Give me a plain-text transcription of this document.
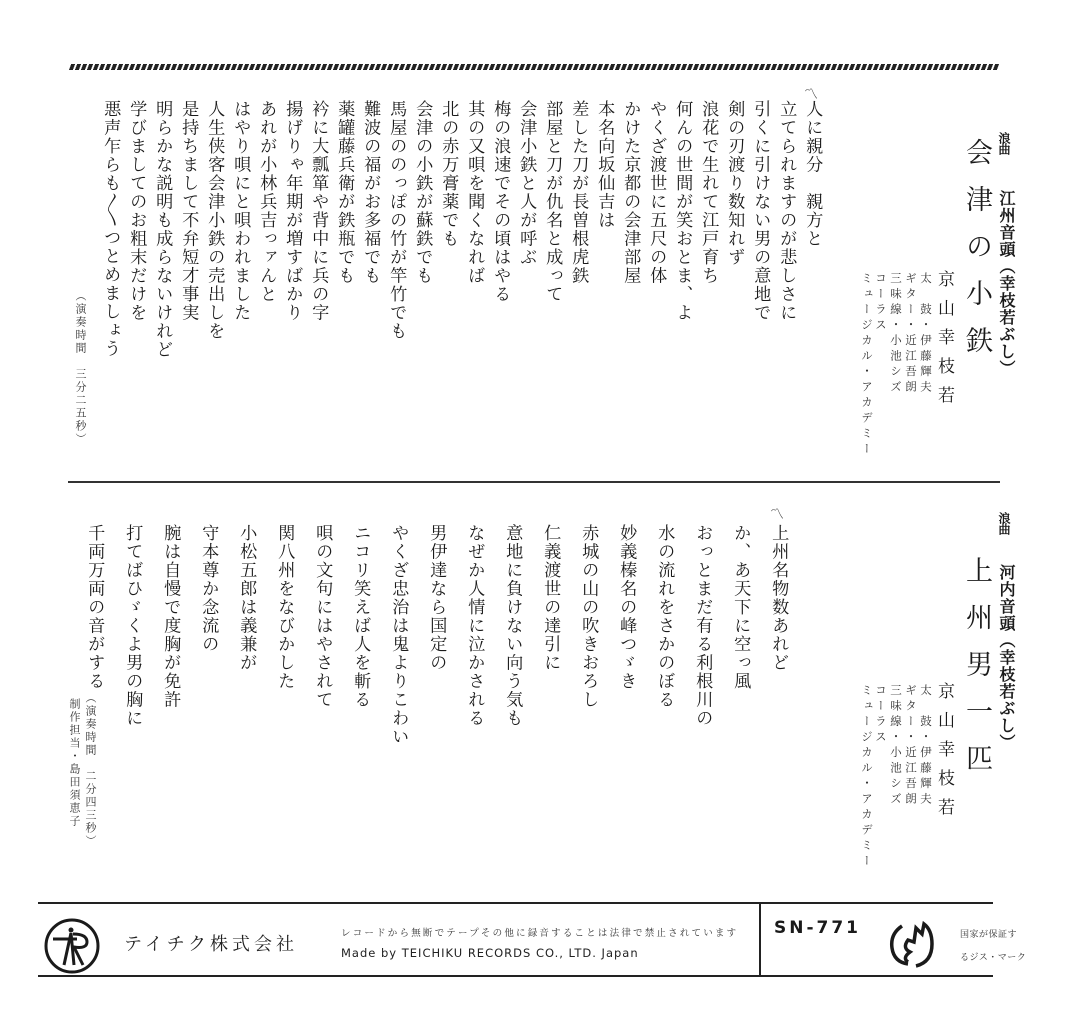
浪曲
江州音頭（幸枝若ぶし）
会津の小鉄
京山幸枝若
太　鼓・伊藤輝夫
ギター・近江吾朗
三味線・小池シズ
コーラス
ミュージカル・アカデミー
〽
人に親分　親方と
立てられますのが悲しさに
引くに引けない男の意地で
剣の刃渡り数知れず
浪花で生れて江戸育ち
何んの世間が笑おとま、よ
やくざ渡世に五尺の体
かけた京都の会津部屋
本名向坂仙吉は
差した刀が長曽根虎鉄
部屋と刀が仇名と成って
会津小鉄と人が呼ぶ
梅の浪速でその頃はやる
其の又唄を聞くなれば
北の赤万膏薬でも
会津の小鉄が蘇鉄でも
馬屋ののっぽの竹が竿竹でも
難波の福がお多福でも
薬罐藤兵衛が鉄瓶でも
衿に大瓢箪や背中に兵の字
揚げりゃ年期が増すばかり
あれが小林兵吉っァんと
はやり唄にと唄われました
人生侠客会津小鉄の売出しを
是持ちまして不弁短才事実
明らかな説明も成らないけれど
学びましてのお粗末だけを
悪声乍らも〳〵つとめましょう
（演奏時間　三分二五秒）
浪曲
河内音頭（幸枝若ぶし）
上州男一匹
京山幸枝若
太　鼓・伊藤輝夫
ギター・近江吾朗
三味線・小池シズ
コーラス
ミュージカル・アカデミー
〽
上州名物数あれど
か、あ天下に空っ風
おっとまだ有る利根川の
水の流れをさかのぼる
妙義榛名の峰つゞき
赤城の山の吹きおろし
仁義渡世の達引に
意地に負けない向う気も
なぜか人情に泣かされる
男伊達なら国定の
やくざ忠治は鬼よりこわい
ニコリ笑えば人を斬る
唄の文句にはやされて
関八州をなびかした
小松五郎は義兼が
守本尊か念流の
腕は自慢で度胸が免許
打てばひゞくよ男の胸に
千両万両の音がする
（演奏時間　二分四三秒）
制作担当・島田須恵子
テイチク株式会社
レコードから無断でテープその他に録音することは法律で禁止されています
Made by TEICHIKU RECORDS CO., LTD. Japan
SN-771	国家が保証す
るジス・マーク
